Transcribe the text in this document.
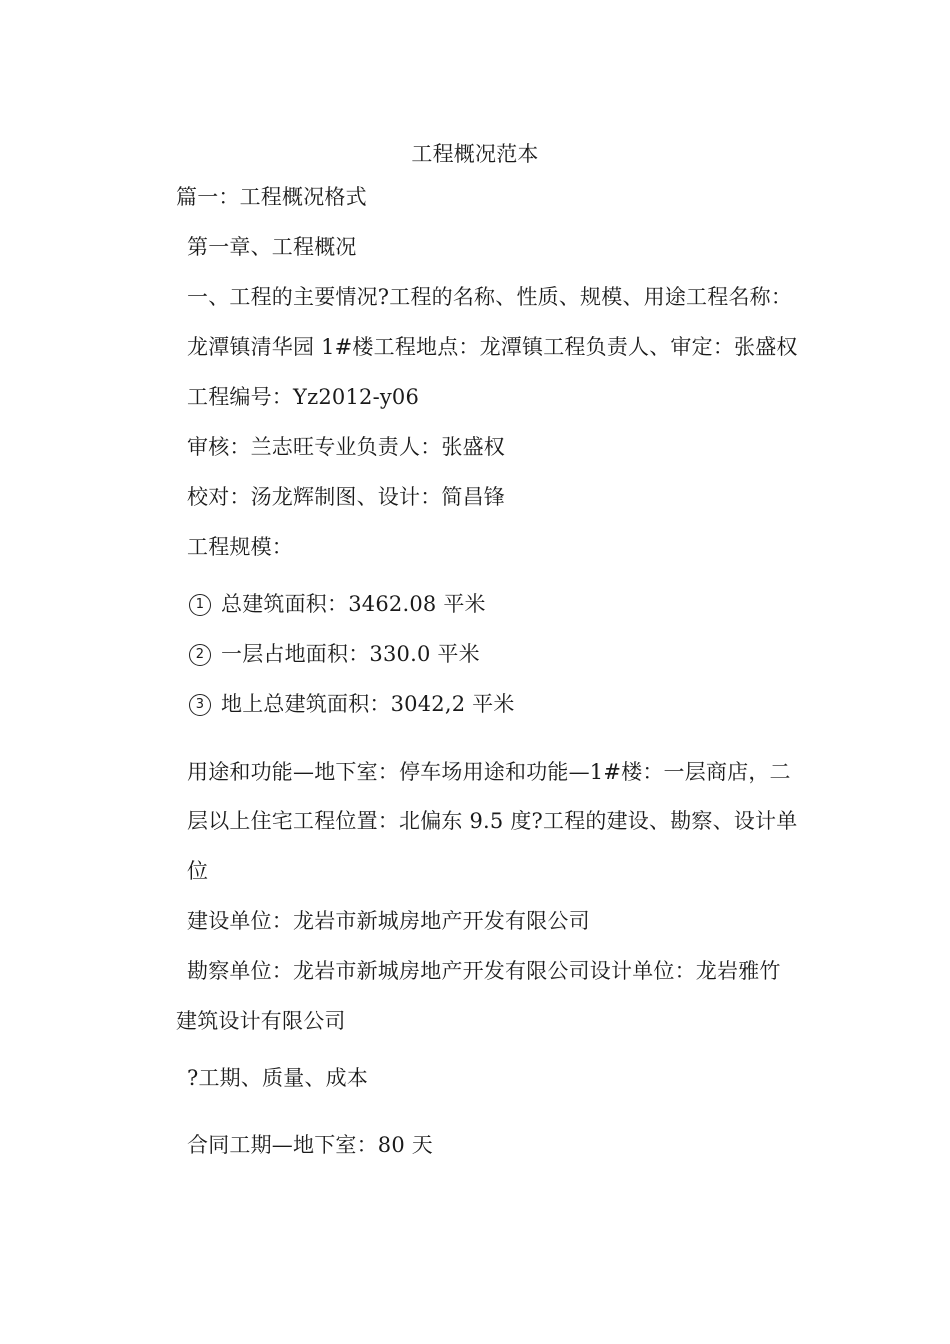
工程概况范本
篇一：工程概况格式
第一章、工程概况
一、工程的主要情况?工程的名称、性质、规模、用途工程名称：
龙潭镇清华园 1#楼工程地点：龙潭镇工程负责人、审定：张盛权
工程编号：Yz2012-y06
审核：兰志旺专业负责人：张盛权
校对：汤龙辉制图、设计：简昌锋
工程规模：
1 总建筑面积：3462.08 平米
2 一层占地面积：330.0 平米
3 地上总建筑面积：3042,2 平米
用途和功能—地下室：停车场用途和功能—1#楼：一层商店，二
层以上住宅工程位置：北偏东 9.5 度?工程的建设、勘察、设计单
位
建设单位：龙岩市新城房地产开发有限公司
勘察单位：龙岩市新城房地产开发有限公司设计单位：龙岩雅竹
建筑设计有限公司
?工期、质量、成本
合同工期—地下室：80 天
